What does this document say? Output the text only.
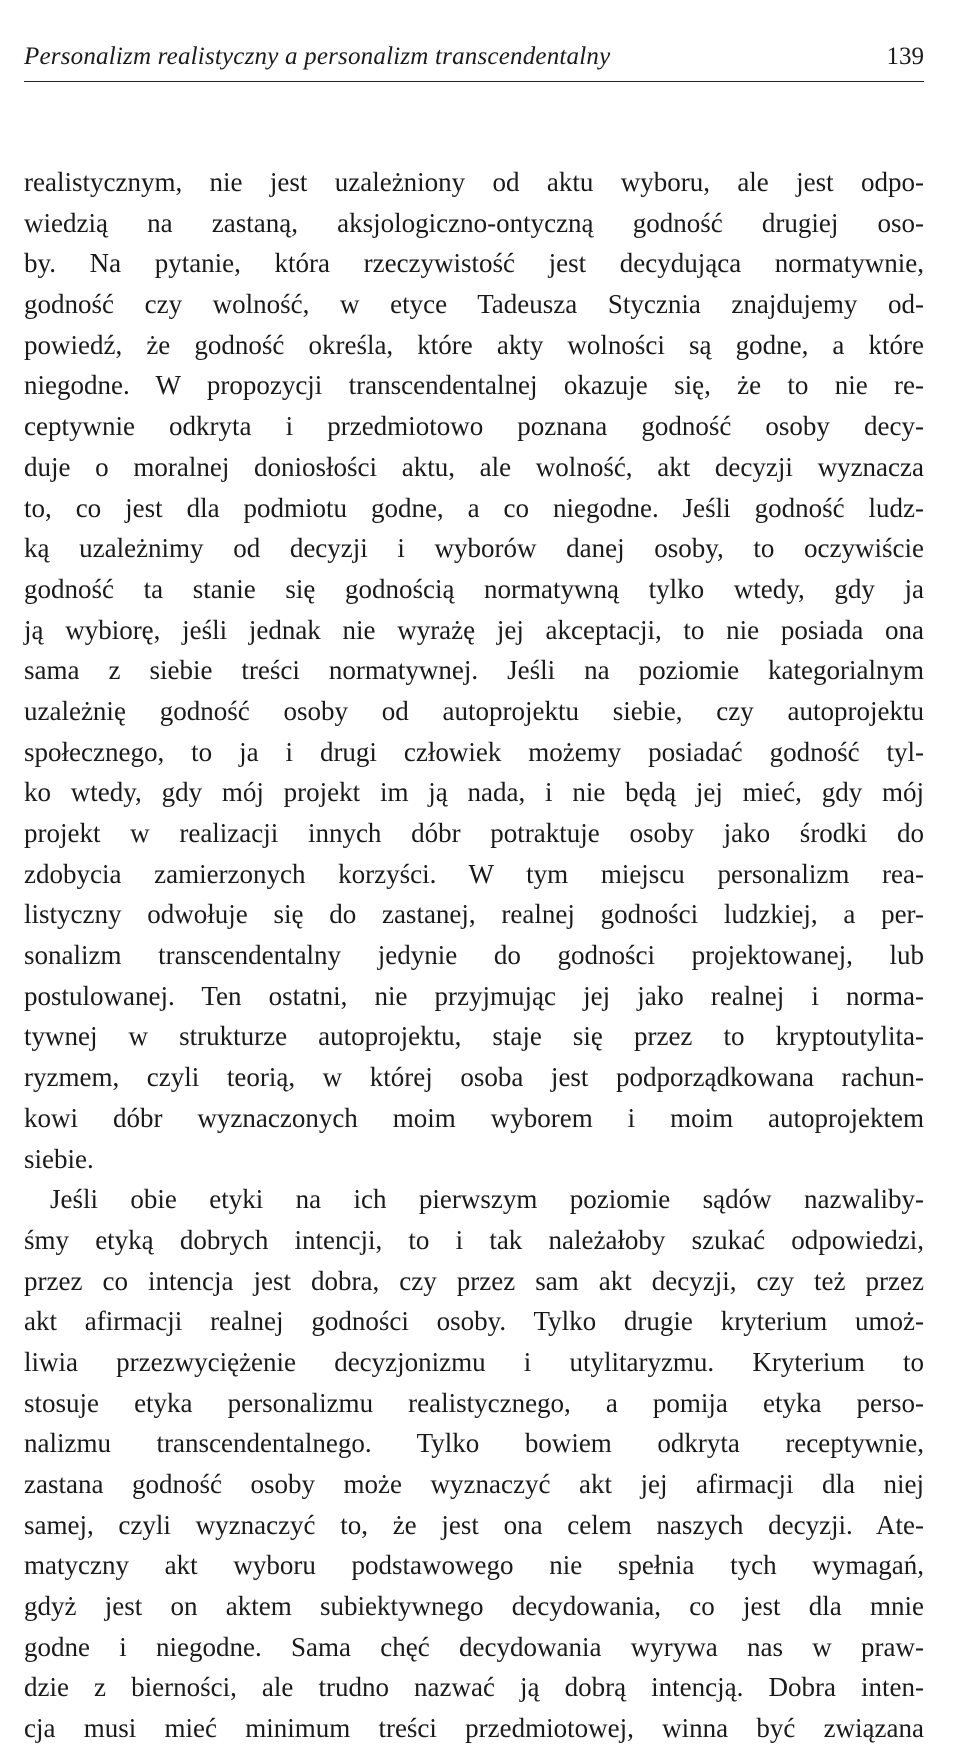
Personalizm realistyczny a personalizm transcendentalny	139
realistycznym, nie jest uzależniony od aktu wyboru, ale jest odpo-
wiedzią na zastaną, aksjologiczno-ontyczną godność drugiej oso-
by. Na pytanie, która rzeczywistość jest decydująca normatywnie,
godność czy wolność, w etyce Tadeusza Stycznia znajdujemy od-
powiedź, że godność określa, które akty wolności są godne, a które
niegodne. W propozycji transcendentalnej okazuje się, że to nie re-
ceptywnie odkryta i przedmiotowo poznana godność osoby decy-
duje o moralnej doniosłości aktu, ale wolność, akt decyzji wyznacza
to, co jest dla podmiotu godne, a co niegodne. Jeśli godność ludz-
ką uzależnimy od decyzji i wyborów danej osoby, to oczywiście
godność ta stanie się godnością normatywną tylko wtedy, gdy ja
ją wybiorę, jeśli jednak nie wyrażę jej akceptacji, to nie posiada ona
sama z siebie treści normatywnej. Jeśli na poziomie kategorialnym
uzależnię godność osoby od autoprojektu siebie, czy autoprojektu
społecznego, to ja i drugi człowiek możemy posiadać godność tyl-
ko wtedy, gdy mój projekt im ją nada, i nie będą jej mieć, gdy mój
projekt w realizacji innych dóbr potraktuje osoby jako środki do
zdobycia zamierzonych korzyści. W tym miejscu personalizm rea-
listyczny odwołuje się do zastanej, realnej godności ludzkiej, a per-
sonalizm transcendentalny jedynie do godności projektowanej, lub
postulowanej. Ten ostatni, nie przyjmując jej jako realnej i norma-
tywnej w strukturze autoprojektu, staje się przez to kryptoutylita-
ryzmem, czyli teorią, w której osoba jest podporządkowana rachun-
kowi dóbr wyznaczonych moim wyborem i moim autoprojektem
siebie.
Jeśli obie etyki na ich pierwszym poziomie sądów nazwaliby-
śmy etyką dobrych intencji, to i tak należałoby szukać odpowiedzi,
przez co intencja jest dobra, czy przez sam akt decyzji, czy też przez
akt afirmacji realnej godności osoby. Tylko drugie kryterium umoż-
liwia przezwyciężenie decyzjonizmu i utylitaryzmu. Kryterium to
stosuje etyka personalizmu realistycznego, a pomija etyka perso-
nalizmu transcendentalnego. Tylko bowiem odkryta receptywnie,
zastana godność osoby może wyznaczyć akt jej afirmacji dla niej
samej, czyli wyznaczyć to, że jest ona celem naszych decyzji. Ate-
matyczny akt wyboru podstawowego nie spełnia tych wymagań,
gdyż jest on aktem subiektywnego decydowania, co jest dla mnie
godne i niegodne. Sama chęć decydowania wyrywa nas w praw-
dzie z bierności, ale trudno nazwać ją dobrą intencją. Dobra inten-
cja musi mieć minimum treści przedmiotowej, winna być związana
